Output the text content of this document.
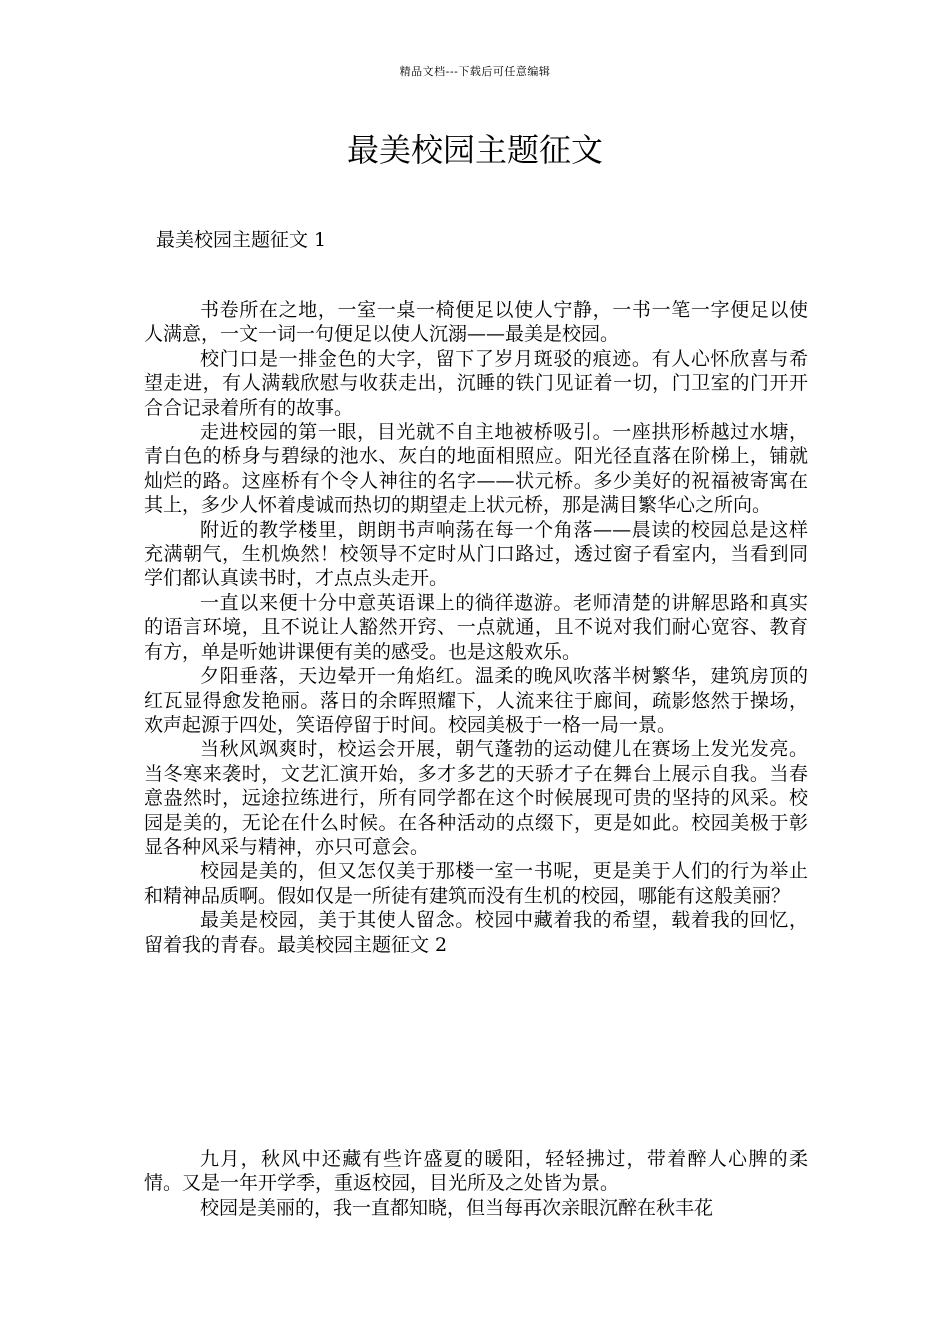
精品文档---下载后可任意编辑
最美校园主题征文
最美校园主题征文 1

书卷所在之地，一室一桌一椅便足以使人宁静，一书一笔一字便足以使人满意，一文一词一句便足以使人沉溺——最美是校园。

校门口是一排金色的大字，留下了岁月斑驳的痕迹。有人心怀欣喜与希望走进，有人满载欣慰与收获走出，沉睡的铁门见证着一切，门卫室的门开开合合记录着所有的故事。

走进校园的第一眼，目光就不自主地被桥吸引。一座拱形桥越过水塘，青白色的桥身与碧绿的池水、灰白的地面相照应。阳光径直落在阶梯上，铺就灿烂的路。这座桥有个令人神往的名字——状元桥。多少美好的祝福被寄寓在其上，多少人怀着虔诚而热切的期望走上状元桥，那是满目繁华心之所向。

附近的教学楼里，朗朗书声响荡在每一个角落——晨读的校园总是这样充满朝气，生机焕然！校领导不定时从门口路过，透过窗子看室内，当看到同学们都认真读书时，才点点头走开。

一直以来便十分中意英语课上的徜徉遨游。老师清楚的讲解思路和真实的语言环境，且不说让人豁然开窍、一点就通，且不说对我们耐心宽容、教育有方，单是听她讲课便有美的感受。也是这般欢乐。

夕阳垂落，天边晕开一角焰红。温柔的晚风吹落半树繁华，建筑房顶的红瓦显得愈发艳丽。落日的余晖照耀下，人流来往于廊间，疏影悠然于操场，欢声起源于四处，笑语停留于时间。校园美极于一格一局一景。

当秋风飒爽时，校运会开展，朝气蓬勃的运动健儿在赛场上发光发亮。当冬寒来袭时，文艺汇演开始，多才多艺的天骄才子在舞台上展示自我。当春意盎然时，远途拉练进行，所有同学都在这个时候展现可贵的坚持的风采。校园是美的，无论在什么时候。在各种活动的点缀下，更是如此。校园美极于彰显各种风采与精神，亦只可意会。

校园是美的，但又怎仅美于那楼一室一书呢，更是美于人们的行为举止和精神品质啊。假如仅是一所徒有建筑而没有生机的校园，哪能有这般美丽？

最美是校园，美于其使人留念。校园中藏着我的希望，载着我的回忆，留着我的青春。最美校园主题征文 2

九月，秋风中还藏有些许盛夏的暖阳，轻轻拂过，带着醉人心脾的柔情。又是一年开学季，重返校园，目光所及之处皆为景。

校园是美丽的，我一直都知晓，但当每再次亲眼沉醉在秋丰花
